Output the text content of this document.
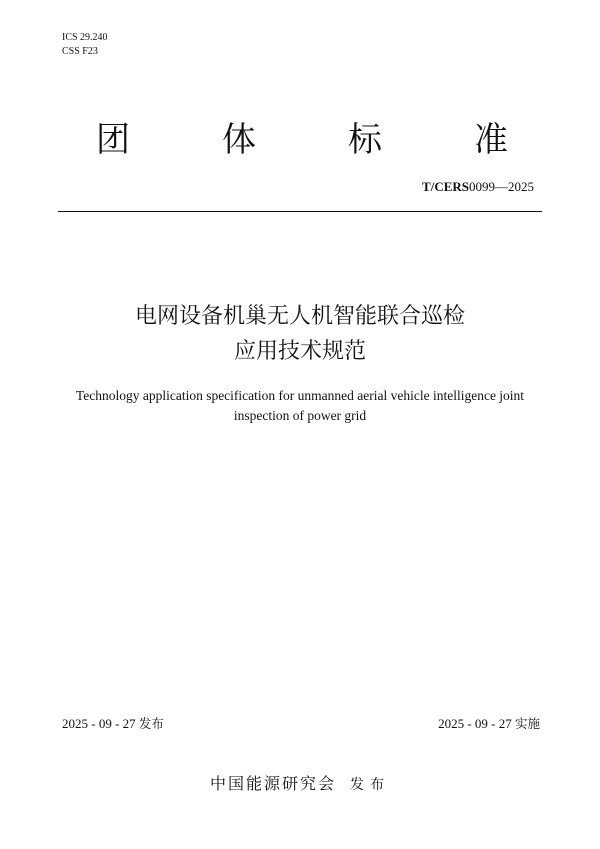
ICS 29.240
CSS F23
团	体	标	准
T/CERS0099—2025
电网设备机巢无人机智能联合巡检
应用技术规范
Technology application specification for unmanned aerial vehicle intelligence joint
inspection of power grid
2025 - 09 - 27 发布	2025 - 09 - 27 实施
中国能源研究会 发布
